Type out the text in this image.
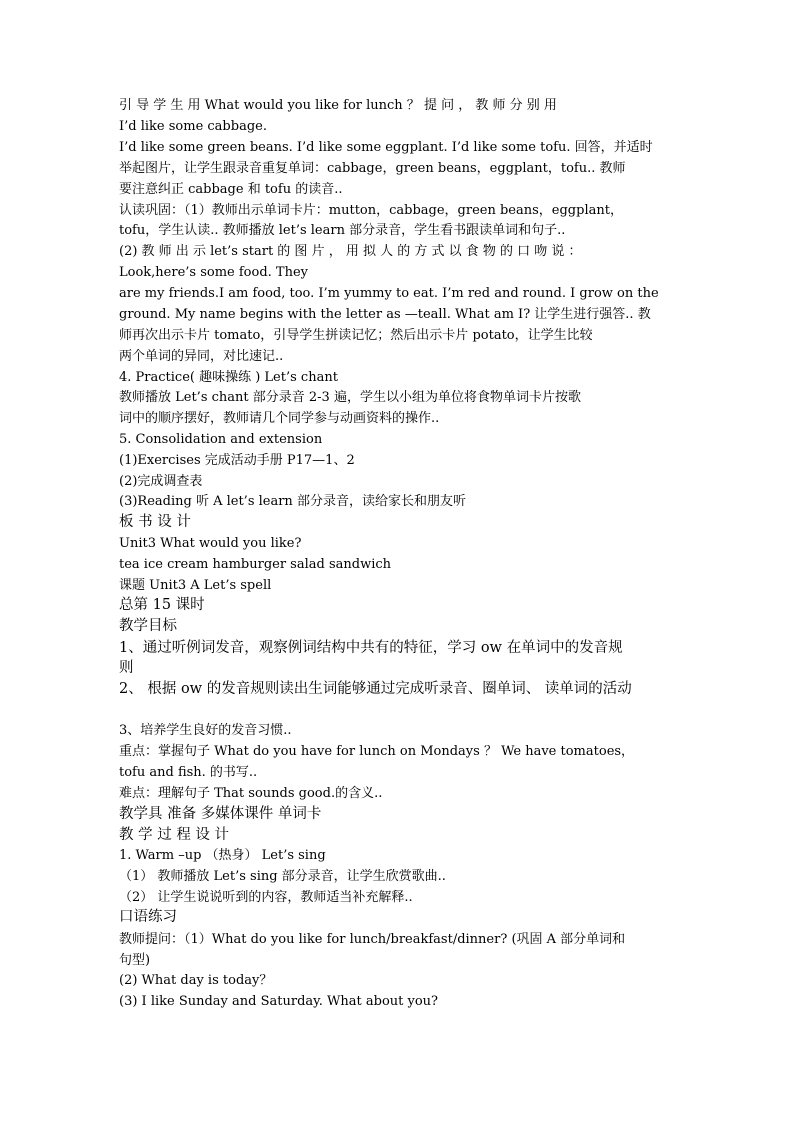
引 导 学 生 用 What would you like for lunch ？ 提 问 ， 教 师 分 别 用
I’d like some cabbage.
I’d like some green beans. I’d like some eggplant. I’d like some tofu. 回答，并适时
举起图片，让学生跟录音重复单词：cabbage，green beans，eggplant，tofu.. 教师
要注意纠正 cabbage 和 tofu 的读音..
认读巩固：（1）教师出示单词卡片：mutton，cabbage，green beans，eggplant，
tofu，学生认读.. 教师播放 let’s learn 部分录音，学生看书跟读单词和句子..
(2) 教 师 出 示 let’s start 的 图 片 ， 用 拟 人 的 方 式 以 食 物 的 口 吻 说 ：
Look,here’s some food. They
are my friends.I am food, too. I’m yummy to eat. I’m red and round. I grow on the
ground. My name begins with the letter as —teall. What am I? 让学生进行强答.. 教
师再次出示卡片 tomato，引导学生拼读记忆；然后出示卡片 potato，让学生比较
两个单词的异同，对比速记..
4. Practice( 趣味操练 ) Let’s chant
教师播放 Let’s chant 部分录音 2-3 遍，学生以小组为单位将食物单词卡片按歌
词中的顺序摆好，教师请几个同学参与动画资料的操作..
5. Consolidation and extension
(1)Exercises 完成活动手册 P17—1、2
(2)完成调查表
(3)Reading 听 A let’s learn 部分录音，读给家长和朋友听
板 书 设 计
Unit3 What would you like?
tea ice cream hamburger salad sandwich
课题 Unit3 A Let’s spell
总第 15 课时
教学目标
1、通过听例词发音，观察例词结构中共有的特征，学习 ow 在单词中的发音规
则
2、 根据 ow 的发音规则读出生词能够通过完成听录音、圈单词、 读单词的活动
3、培养学生良好的发音习惯..
重点：掌握句子 What do you have for lunch on Mondays ？ We have tomatoes，
tofu and fish. 的书写..
难点：理解句子 That sounds good.的含义..
教学具 准备 多媒体课件 单词卡
教 学 过 程 设 计
1. Warm –up （热身） Let’s sing
（1） 教师播放 Let’s sing 部分录音，让学生欣赏歌曲..
（2） 让学生说说听到的内容，教师适当补充解释..
口语练习
教师提问：（1）What do you like for lunch/breakfast/dinner? (巩固 A 部分单词和
句型)
(2) What day is today？
(3) I like Sunday and Saturday. What about you?
